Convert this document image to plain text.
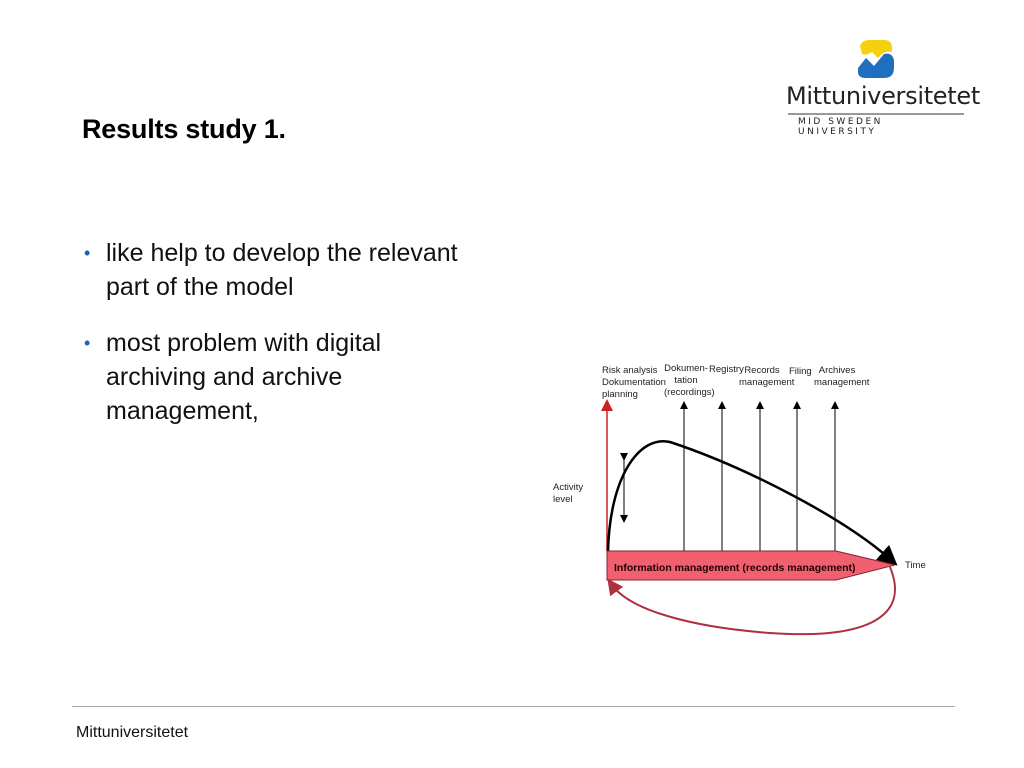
Results study 1.
• like help to develop the relevant part of the model
• most problem with digital archiving and archive management,
Mittuniversitetet
MID SWEDEN UNIVERSITY
Risk analysis
Dokumentation
planning
Dokumen-
tation
(recordings)
Registry Records
management
Filing Archives
management
Activity
level
Information management (records management)	Time
Mittuniversitetet
